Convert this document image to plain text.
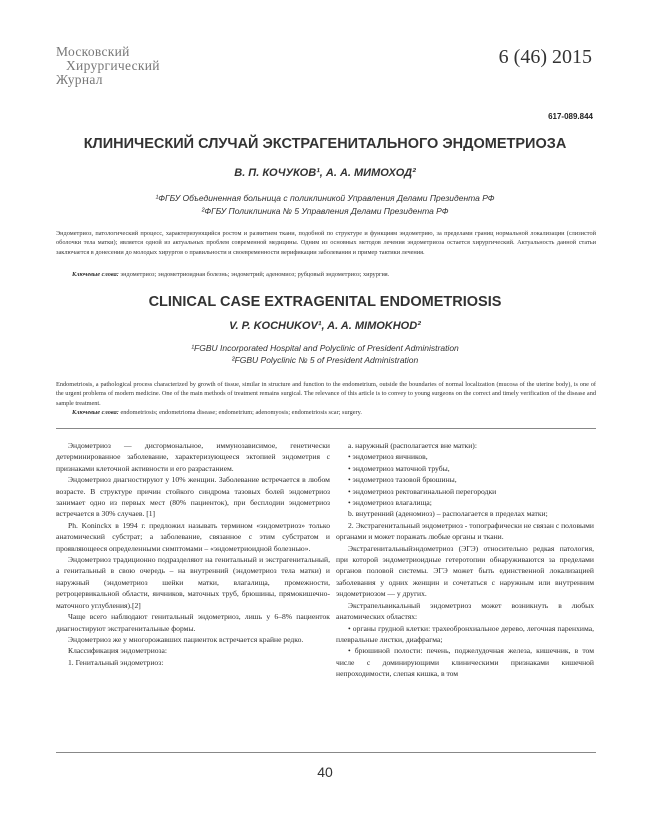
Московский
Хирургический
Журнал
6 (46) 2015
617-089.844
КЛИНИЧЕСКИЙ СЛУЧАЙ ЭКСТРАГЕНИТАЛЬНОГО ЭНДОМЕТРИОЗА
В. П. КОЧУКОВ¹, А. А. МИМОХОД²
¹ФГБУ Объединенная больница с поликлиникой Управления Делами Президента РФ
²ФГБУ Поликлиника № 5 Управления Делами Президента РФ
Эндометриоз, патологический процесс, характеризующийся ростом и развитием ткани, подобной по структуре и функциям эндометрию, за пределами границ нормальной локализации (слизистой оболочки тела матки); является одной из актуальных проблем современной медицины. Одним из основных методов лечения эндометриоза остается хирургический. Актуальность данной статьи заключается в донесении до молодых хирургов о правильности и своевременности верификации заболевания и пример тактики лечения.
Ключевые слова: эндометриоз; эндометриоидная болезнь; эндометрий; аденомиоз; рубцовый эндометриоз; хирургия.
CLINICAL CASE EXTRAGENITAL ENDOMETRIOSIS
V. P. KOCHUKOV¹, A. A. MIMOKHOD²
¹FGBU Incorporated Hospital and Polyclinic of President Administration
²FGBU Polyclinic № 5 of President Administration
Endometriosis, a pathological process characterized by growth of tissue, similar in structure and function to the endometrium, outside the boundaries of normal localization (mucosa of the uterine body), is one of the urgent problems of modern medicine. One of the main methods of treatment remains surgical. The relevance of this article is to convey to young surgeons on the correct and timely verification of the disease and sample treatment.
Ключевые слова: endometriosis; endometrioma disease; endometrium; adenomyosis; endometriosis scar; surgery.

Эндометриоз — дисгормональное, иммунозависимое, генетически детерминированное заболевание, характеризующееся эктопией эндометрия с признаками клеточной активности и его разрастанием.

Эндометриоз диагностируют у 10% женщин. Заболевание встречается в любом возрасте. В структуре причин стойкого синдрома тазовых болей эндометриоз занимает одно из первых мест (80% пациенток), при бесплодии эндометриоз встречается в 30% случаев. [1]

Ph. Koninckx в 1994 г. предложил называть термином «эндометриоз» только анатомический субстрат; а заболевание, связанное с этим субстратом и проявляющееся определенными симптомами – «эндометриоидной болезнью».

Эндометриоз традиционно подразделяют на генитальный и экстрагенитальный, а генитальный в свою очередь – на внутренний (эндометриоз тела матки) и наружный (эндометриоз шейки матки, влагалища, промежности, ретроцервикальной области, яичников, маточных труб, брюшины, прямокишечно-маточного углубления).[2]

Чаще всего наблюдают генитальный эндометриоз, лишь у 6–8% пациенток диагностируют экстрагенитальные формы.

Эндометриоз же у многорожавших пациенток встречается крайне редко.

Классификация эндометриоза:

1. Генитальный эндометриоз:

a. наружный (располагается вне матки):

• эндометриоз яичников,

• эндометриоз маточной трубы,

• эндометриоз тазовой брюшины,

• эндометриоз ректовагинальной перегородки

• эндометриоз влагалища;

b. внутренний (аденомиоз) – располагается в пределах матки;

2. Экстрагенитальный эндометриоз - топографически не связан с половыми органами и может поражать любые органы и ткани.

Экстрагенитальныйэндометриоз (ЭГЭ) относительно редкая патология, при которой эндометриоидные гетеротопии обнаруживаются за пределами органов половой системы. ЭГЭ может быть единственной локализацией заболевания у одних женщин и сочетаться с наружным или внутренним эндометриозом — у других.

Экстрапельвикальный эндометриоз может возникнуть в любых анатомических областях:

• органы грудной клетки: трахеобронхиальное дерево, легочная паренхима, плевральные листки, диафрагма;

• брюшиной полости: печень, поджелудочная железа, кишечник, в том числе с доминирующими клиническими признаками кишечной непроходимости, слепая кишка, в том

40
